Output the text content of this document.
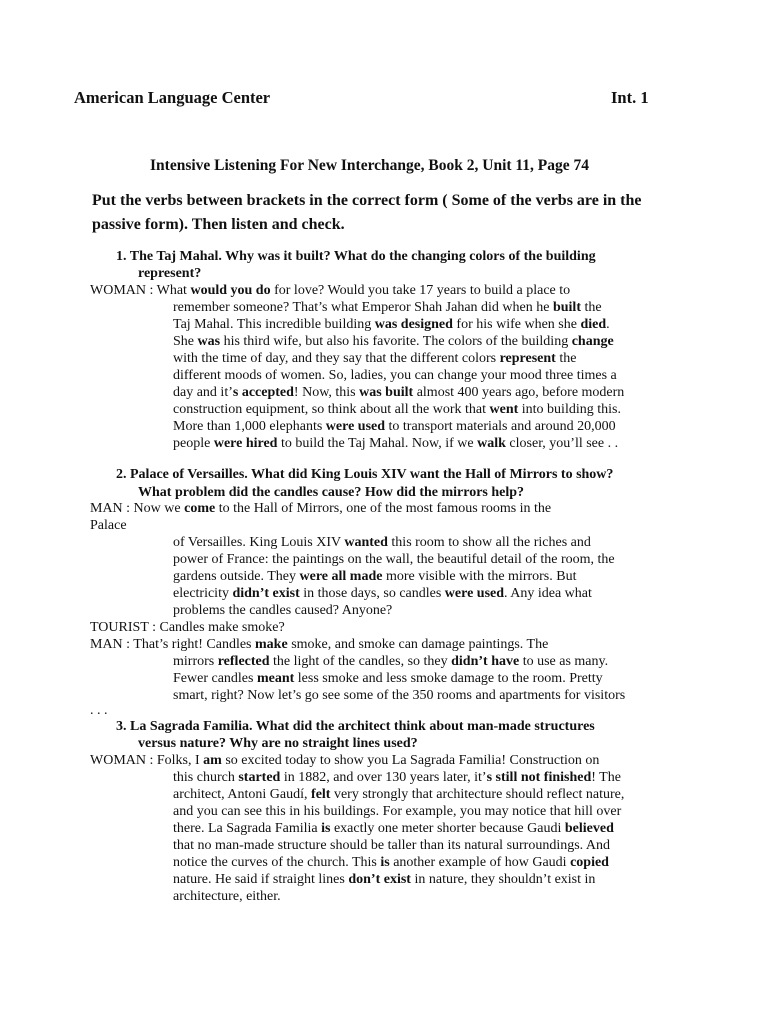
American Language Center	Int. 1
Intensive Listening For New Interchange, Book 2, Unit 11, Page 74
Put the verbs between brackets in the correct form ( Some of the verbs are in the passive form). Then listen and check.
1. The Taj Mahal. Why was it built? What do the changing colors of the building
represent?
WOMAN : What would you do for love? Would you take 17 years to build a place to
remember someone? That’s what Emperor Shah Jahan did when he built the
Taj Mahal. This incredible building was designed for his wife when she died.
She was his third wife, but also his favorite. The colors of the building change
with the time of day, and they say that the different colors represent the
different moods of women. So, ladies, you can change your mood three times a
day and it’s accepted! Now, this was built almost 400 years ago, before modern
construction equipment, so think about all the work that went into building this.
More than 1,000 elephants were used to transport materials and around 20,000
people were hired to build the Taj Mahal. Now, if we walk closer, you’ll see . .
2. Palace of Versailles. What did King Louis XIV want the Hall of Mirrors to show?
What problem did the candles cause? How did the mirrors help?
MAN : Now we come to the Hall of Mirrors, one of the most famous rooms in the
Palace
of Versailles. King Louis XIV wanted this room to show all the riches and
power of France: the paintings on the wall, the beautiful detail of the room, the
gardens outside. They were all made more visible with the mirrors. But
electricity didn’t exist in those days, so candles were used. Any idea what
problems the candles caused? Anyone?
TOURIST : Candles make smoke?
MAN : That’s right! Candles make smoke, and smoke can damage paintings. The
mirrors reflected the light of the candles, so they didn’t have to use as many.
Fewer candles meant less smoke and less smoke damage to the room. Pretty
smart, right? Now let’s go see some of the 350 rooms and apartments for visitors
. . .
3. La Sagrada Familia. What did the architect think about man-made structures
versus nature? Why are no straight lines used?
WOMAN : Folks, I am so excited today to show you La Sagrada Familia! Construction on
this church started in 1882, and over 130 years later, it’s still not finished! The
architect, Antoni Gaudí, felt very strongly that architecture should reflect nature,
and you can see this in his buildings. For example, you may notice that hill over
there. La Sagrada Familia is exactly one meter shorter because Gaudi believed
that no man-made structure should be taller than its natural surroundings. And
notice the curves of the church. This is another example of how Gaudi copied
nature. He said if straight lines don’t exist in nature, they shouldn’t exist in
architecture, either.
